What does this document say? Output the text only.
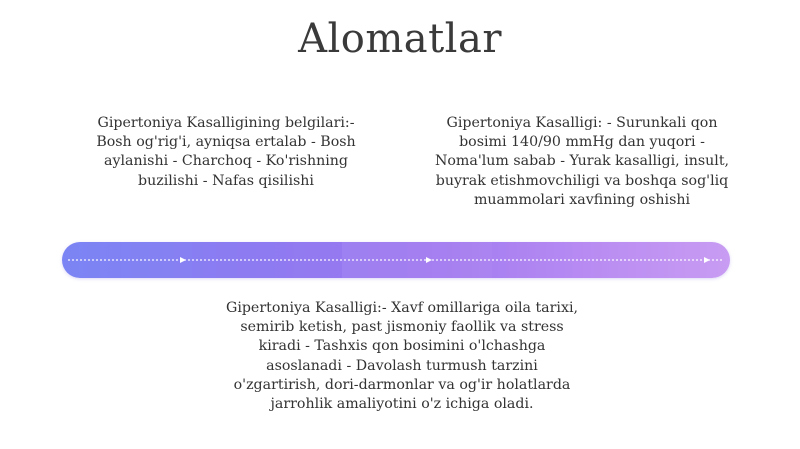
Alomatlar
Gipertoniya Kasalligining belgilari:- Bosh og'rig'i, ayniqsa ertalab - Bosh aylanishi - Charchoq - Ko'rishning buzilishi - Nafas qisilishi
Gipertoniya Kasalligi: - Surunkali qon bosimi 140/90 mmHg dan yuqori - Noma'lum sabab - Yurak kasalligi, insult, buyrak etishmovchiligi va boshqa sog'liq muammolari xavfining oshishi
Gipertoniya Kasalligi:- Xavf omillariga oila tarixi, semirib ketish, past jismoniy faollik va stress kiradi - Tashxis qon bosimini o'lchashga asoslanadi - Davolash turmush tarzini o'zgartirish, dori-darmonlar va og'ir holatlarda jarrohlik amaliyotini o'z ichiga oladi.
